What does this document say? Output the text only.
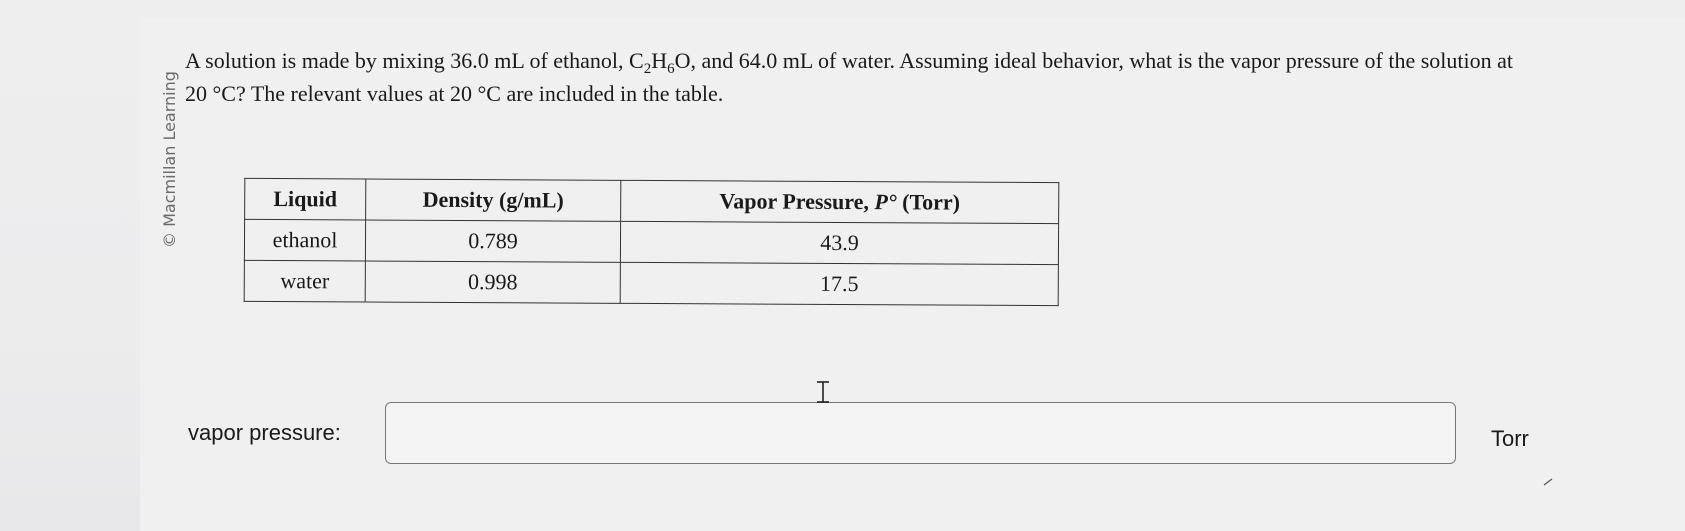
© Macmillan Learning
A solution is made by mixing 36.0 mL of ethanol, $C_2H_6O$, and 64.0 mL of water. Assuming ideal behavior, what is the vapor pressure of the solution at 20 °C? The relevant values at 20 °C are included in the table.
Liquid	Density (g/mL)	Vapor Pressure, P° (Torr)
ethanol	0.789	43.9
water	0.998	17.5
vapor pressure:	Torr
